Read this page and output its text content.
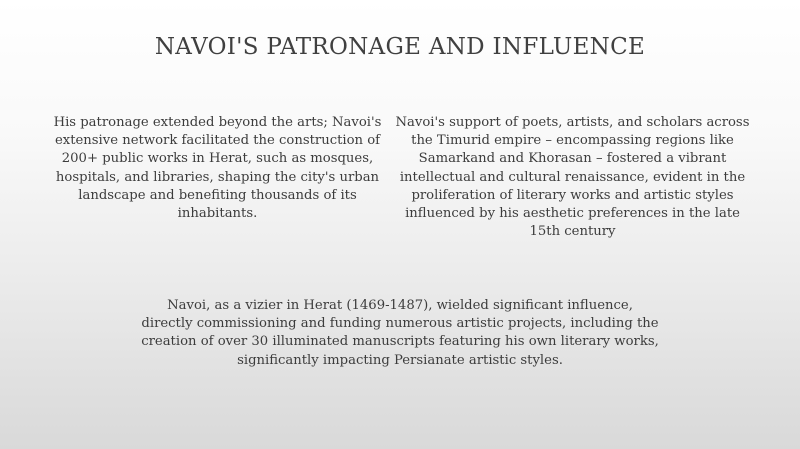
NAVOI'S PATRONAGE AND INFLUENCE

His patronage extended beyond the arts; Navoi's extensive network facilitated the construction of 200+ public works in Herat, such as mosques, hospitals, and libraries, shaping the city's urban landscape and benefiting thousands of its inhabitants.

Navoi's support of poets, artists, and scholars across the Timurid empire – encompassing regions like Samarkand and Khorasan – fostered a vibrant intellectual and cultural renaissance, evident in the proliferation of literary works and artistic styles influenced by his aesthetic preferences in the late 15th century

Navoi, as a vizier in Herat (1469-1487), wielded significant influence, directly commissioning and funding numerous artistic projects, including the creation of over 30 illuminated manuscripts featuring his own literary works, significantly impacting Persianate artistic styles.
